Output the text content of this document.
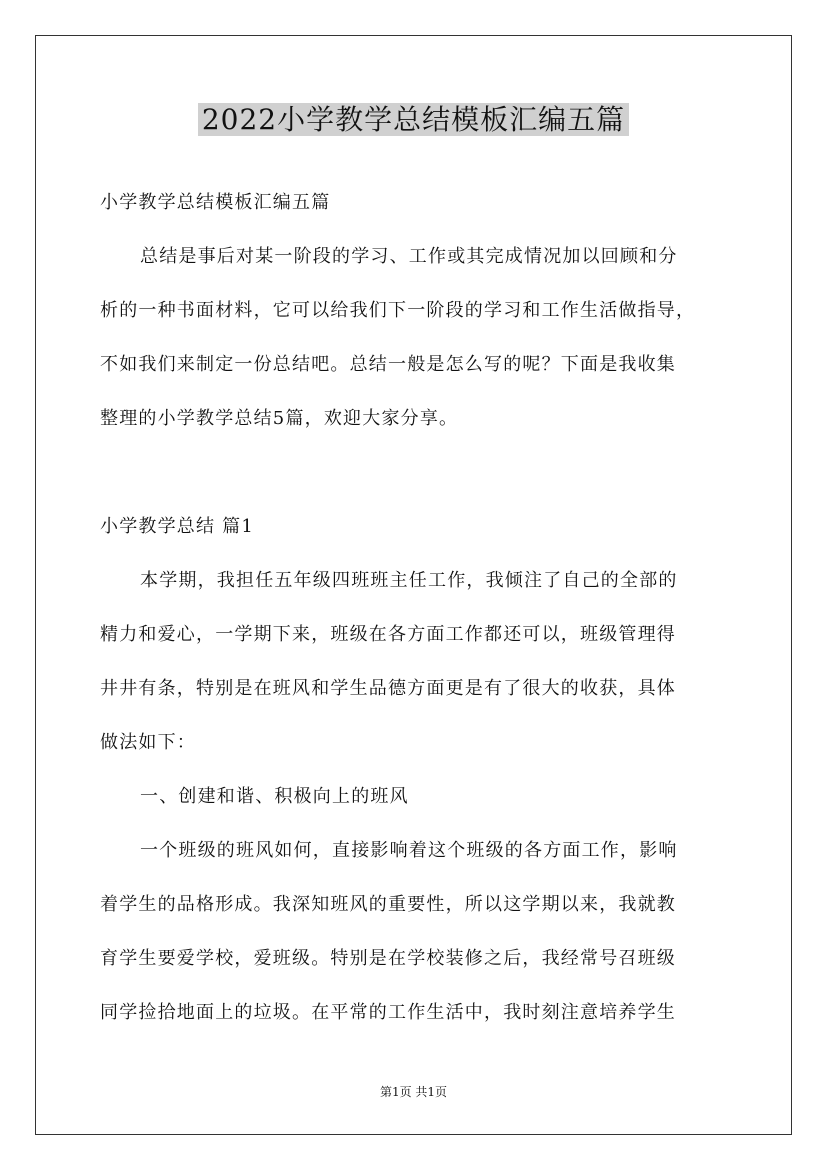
2022小学教学总结模板汇编五篇
小学教学总结模板汇编五篇
总结是事后对某一阶段的学习、工作或其完成情况加以回顾和分
析的一种书面材料，它可以给我们下一阶段的学习和工作生活做指导，
不如我们来制定一份总结吧。总结一般是怎么写的呢？下面是我收集
整理的小学教学总结5篇，欢迎大家分享。
小学教学总结 篇1
本学期，我担任五年级四班班主任工作，我倾注了自己的全部的
精力和爱心，一学期下来，班级在各方面工作都还可以，班级管理得
井井有条，特别是在班风和学生品德方面更是有了很大的收获，具体
做法如下：
一、创建和谐、积极向上的班风
一个班级的班风如何，直接影响着这个班级的各方面工作，影响
着学生的品格形成。我深知班风的重要性，所以这学期以来，我就教
育学生要爱学校，爱班级。特别是在学校装修之后，我经常号召班级
同学捡拾地面上的垃圾。在平常的工作生活中，我时刻注意培养学生
第1页 共1页
